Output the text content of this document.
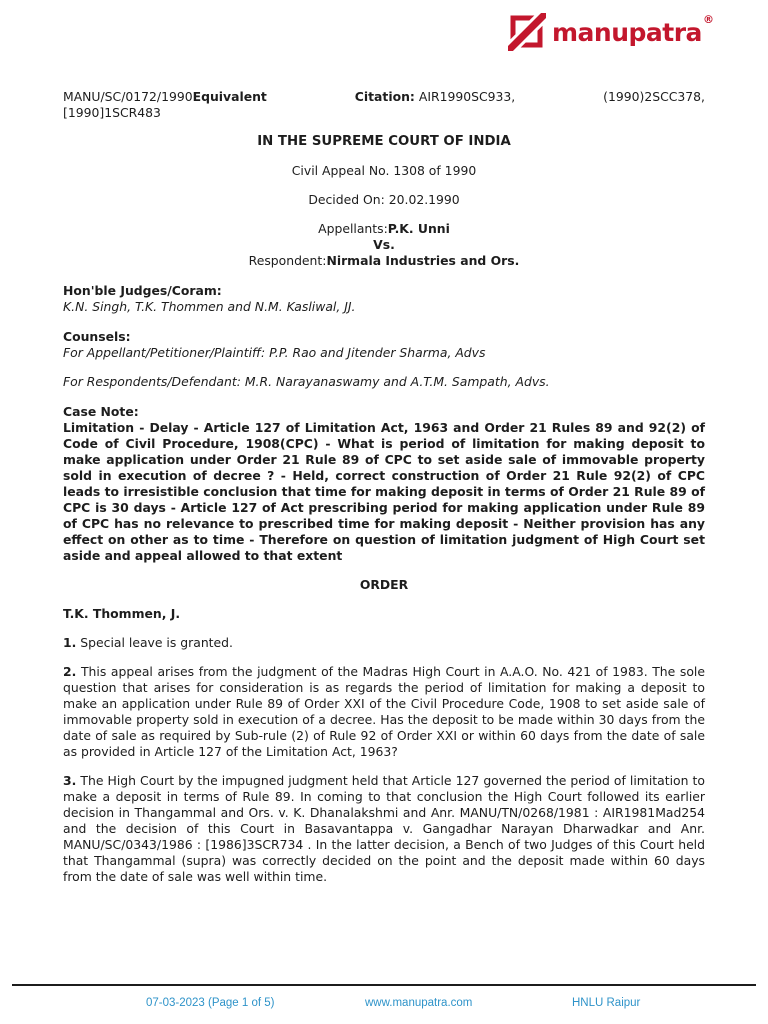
manupatra ®
MANU/SC/0172/1990Equivalent	Citation: AIR1990SC933,	(1990)2SCC378,
[1990]1SCR483
IN THE SUPREME COURT OF INDIA
Civil Appeal No. 1308 of 1990
Decided On: 20.02.1990
Appellants:P.K. Unni
Vs.
Respondent:Nirmala Industries and Ors.
Hon'ble Judges/Coram:
K.N. Singh, T.K. Thommen and N.M. Kasliwal, JJ.
Counsels:
For Appellant/Petitioner/Plaintiff: P.P. Rao and Jitender Sharma, Advs
For Respondents/Defendant: M.R. Narayanaswamy and A.T.M. Sampath, Advs.
Case Note:
Limitation - Delay - Article 127 of Limitation Act, 1963 and Order 21 Rules 89 and 92(2) of Code of Civil Procedure, 1908(CPC) - What is period of limitation for making deposit to make application under Order 21 Rule 89 of CPC to set aside sale of immovable property sold in execution of decree ? - Held, correct construction of Order 21 Rule 92(2) of CPC leads to irresistible conclusion that time for making deposit in terms of Order 21 Rule 89 of CPC is 30 days - Article 127 of Act prescribing period for making application under Rule 89 of CPC has no relevance to prescribed time for making deposit - Neither provision has any effect on other as to time - Therefore on question of limitation judgment of High Court set aside and appeal allowed to that extent
ORDER
T.K. Thommen, J.
1. Special leave is granted.
2. This appeal arises from the judgment of the Madras High Court in A.A.O. No. 421 of 1983. The sole question that arises for consideration is as regards the period of limitation for making a deposit to make an application under Rule 89 of Order XXI of the Civil Procedure Code, 1908 to set aside sale of immovable property sold in execution of a decree. Has the deposit to be made within 30 days from the date of sale as required by Sub-rule (2) of Rule 92 of Order XXI or within 60 days from the date of sale as provided in Article 127 of the Limitation Act, 1963?
3. The High Court by the impugned judgment held that Article 127 governed the period of limitation to make a deposit in terms of Rule 89. In coming to that conclusion the High Court followed its earlier decision in Thangammal and Ors. v. K. Dhanalakshmi and Anr. MANU/TN/0268/1981 : AIR1981Mad254 and the decision of this Court in Basavantappa v. Gangadhar Narayan Dharwadkar and Anr. MANU/SC/0343/1986 : [1986]3SCR734 . In the latter decision, a Bench of two Judges of this Court held that Thangammal (supra) was correctly decided on the point and the deposit made within 60 days from the date of sale was well within time.
07-03-2023 (Page 1 of 5)	www.manupatra.com	HNLU Raipur
